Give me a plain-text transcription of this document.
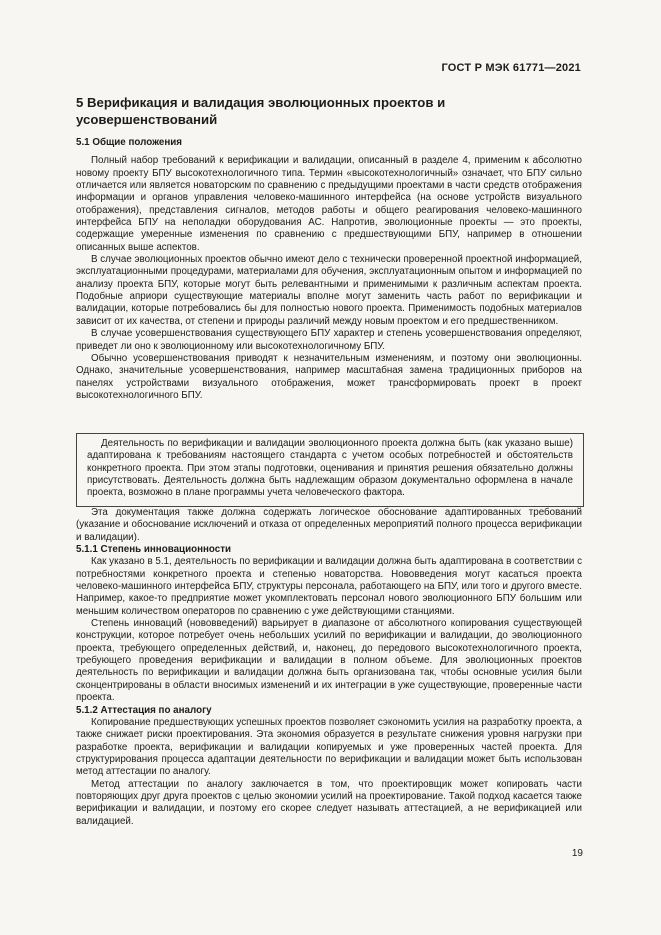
ГОСТ Р МЭК 61771—2021
5 Верификация и валидация эволюционных проектов и усовершенствований

5.1 Общие положения

Полный набор требований к верификации и валидации, описанный в разделе 4, применим к абсолютно новому проекту БПУ высокотехнологичного типа. Термин «высокотехнологичный» означает, что БПУ сильно отличается или является новаторским по сравнению с предыдущими проектами в части средств отображения информации и органов управления человеко-машинного интерфейса (на основе устройств визуального отображения), представления сигналов, методов работы и общего реагирования человеко-машинного интерфейса БПУ на неполадки оборудования АС. Напротив, эволюционные проекты — это проекты, содержащие умеренные изменения по сравнению с предшествующими БПУ, например в отношении описанных выше аспектов.

В случае эволюционных проектов обычно имеют дело с технически проверенной проектной информацией, эксплуатационными процедурами, материалами для обучения, эксплуатационным опытом и информацией по анализу проекта БПУ, которые могут быть релевантными и применимыми к различным аспектам проекта. Подобные априори существующие материалы вполне могут заменить часть работ по верификации и валидации, которые потребовались бы для полностью нового проекта. Применимость подобных материалов зависит от их качества, от степени и природы различий между новым проектом и его предшественником.

В случае усовершенствования существующего БПУ характер и степень усовершенствования определяют, приведет ли оно к эволюционному или высокотехнологичному БПУ.

Обычно усовершенствования приводят к незначительным изменениям, и поэтому они эволюционны. Однако, значительные усовершенствования, например масштабная замена традиционных приборов на панелях устройствами визуального отображения, может трансформировать проект в проект высокотехнологичного БПУ.

Деятельность по верификации и валидации эволюционного проекта должна быть (как указано выше) адаптирована к требованиям настоящего стандарта с учетом особых потребностей и обстоятельств конкретного проекта. При этом этапы подготовки, оценивания и принятия решения обязательно должны присутствовать. Деятельность должна быть надлежащим образом документально оформлена в начале проекта, возможно в плане программы учета человеческого фактора.

Эта документация также должна содержать логическое обоснование адаптированных требований (указание и обоснование исключений и отказа от определенных мероприятий полного процесса верификации и валидации).

5.1.1 Степень инновационности

Как указано в 5.1, деятельность по верификации и валидации должна быть адаптирована в соответствии с потребностями конкретного проекта и степенью новаторства. Нововведения могут касаться проекта человеко-машинного интерфейса БПУ, структуры персонала, работающего на БПУ, или того и другого вместе. Например, какое-то предприятие может укомплектовать персонал нового эволюционного БПУ большим или меньшим количеством операторов по сравнению с уже действующими станциями.

Степень инноваций (нововведений) варьирует в диапазоне от абсолютного копирования существующей конструкции, которое потребует очень небольших усилий по верификации и валидации, до эволюционного проекта, требующего определенных действий, и, наконец, до передового высокотехнологичного проекта, требующего проведения верификации и валидации в полном объеме. Для эволюционных проектов деятельность по верификации и валидации должна быть организована так, чтобы основные усилия были сконцентрированы в области вносимых изменений и их интеграции в уже существующие, проверенные части проекта.

5.1.2 Аттестация по аналогу

Копирование предшествующих успешных проектов позволяет сэкономить усилия на разработку проекта, а также снижает риски проектирования. Эта экономия образуется в результате снижения уровня нагрузки при разработке проекта, верификации и валидации копируемых и уже проверенных частей проекта. Для структурирования процесса адаптации деятельности по верификации и валидации может быть использован метод аттестации по аналогу.

Метод аттестации по аналогу заключается в том, что проектировщик может копировать части повторяющих друг друга проектов с целью экономии усилий на проектирование. Такой подход касается также верификации и валидации, и поэтому его скорее следует называть аттестацией, а не верификацией или валидацией.

19
